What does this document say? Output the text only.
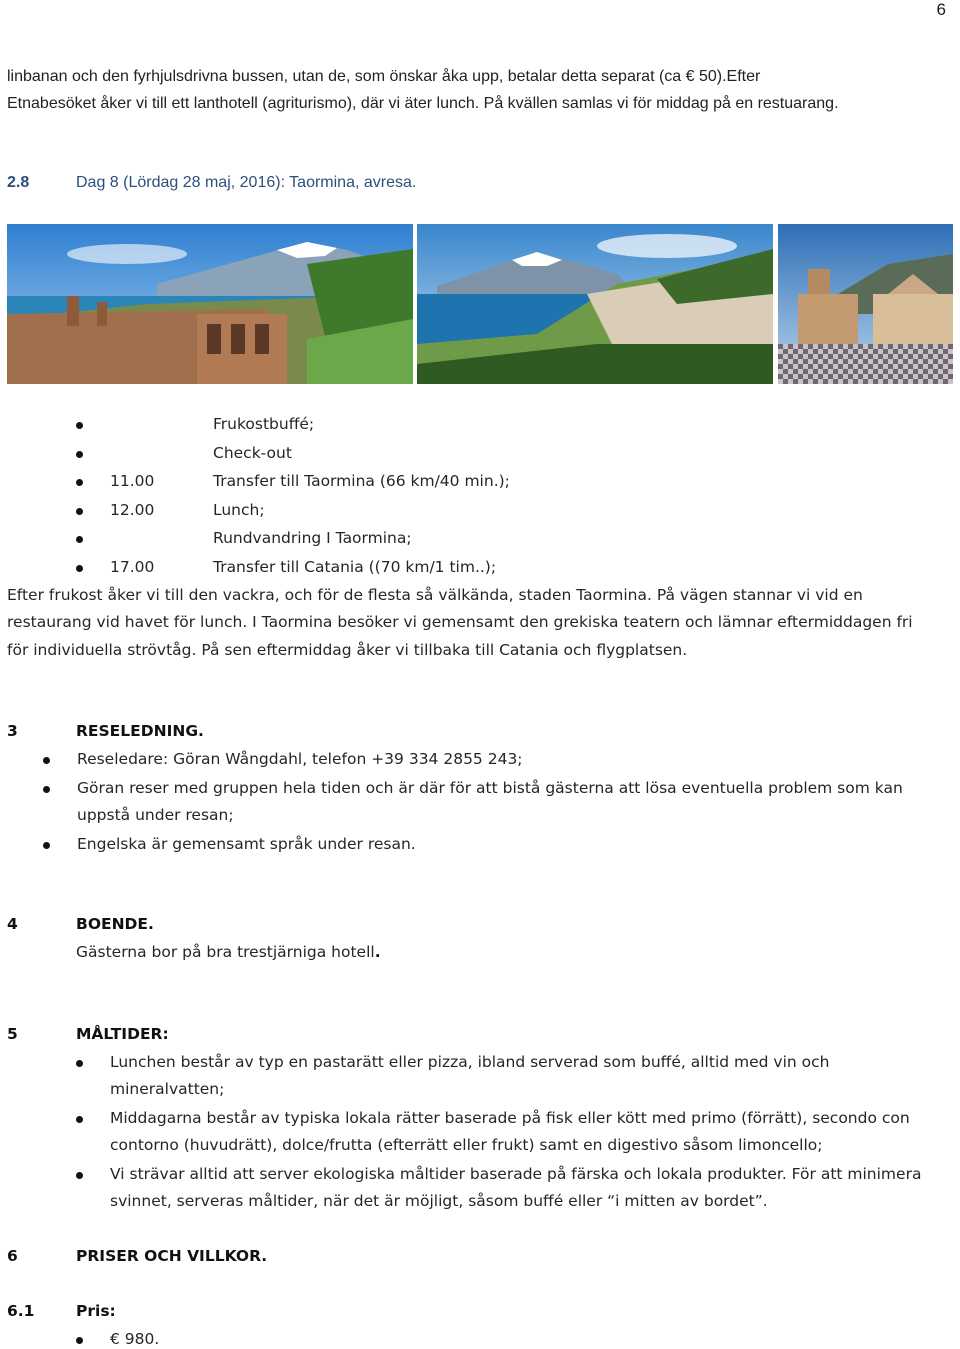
6
linbanan och den fyrhjulsdrivna bussen, utan de, som önskar åka upp, betalar detta separat (ca € 50).Efter
Etnabesöket åker vi till ett lanthotell (agriturismo), där vi äter lunch. På kvällen samlas vi för middag på en restuarang.
2.8	Dag 8 (Lördag 28 maj, 2016): Taormina, avresa.
Frukostbuffé;
Check-out
11.00	Transfer till Taormina (66 km/40 min.);
12.00	Lunch;
Rundvandring I Taormina;
17.00	Transfer till Catania ((70 km/1 tim..);
Efter frukost åker vi till den vackra, och för de flesta så välkända, staden Taormina. På vägen stannar vi vid en
restaurang vid havet för lunch. I Taormina besöker vi gemensamt den grekiska teatern och lämnar eftermiddagen fri
för individuella strövtåg. På sen eftermiddag åker vi tillbaka till Catania och flygplatsen.
3	RESELEDNING.
Reseledare: Göran Wångdahl, telefon +39 334 2855 243;
Göran reser med gruppen hela tiden och är där för att bistå gästerna att lösa eventuella problem som kan
uppstå under resan;
Engelska är gemensamt språk under resan.
4	BOENDE.
Gästerna bor på bra trestjärniga hotell.
5	MÅLTIDER:
Lunchen består av typ en pastarätt eller pizza, ibland serverad som buffé, alltid med vin och
mineralvatten;
Middagarna består av typiska lokala rätter baserade på fisk eller kött med primo (förrätt), secondo con
contorno (huvudrätt), dolce/frutta (efterrätt eller frukt) samt en digestivo såsom limoncello;
Vi strävar alltid att server ekologiska måltider baserade på färska och lokala produkter. För att minimera
svinnet, serveras måltider, när det är möjligt, såsom buffé eller “i mitten av bordet”.
6	PRISER OCH VILLKOR.
6.1	Pris:
€ 980.
